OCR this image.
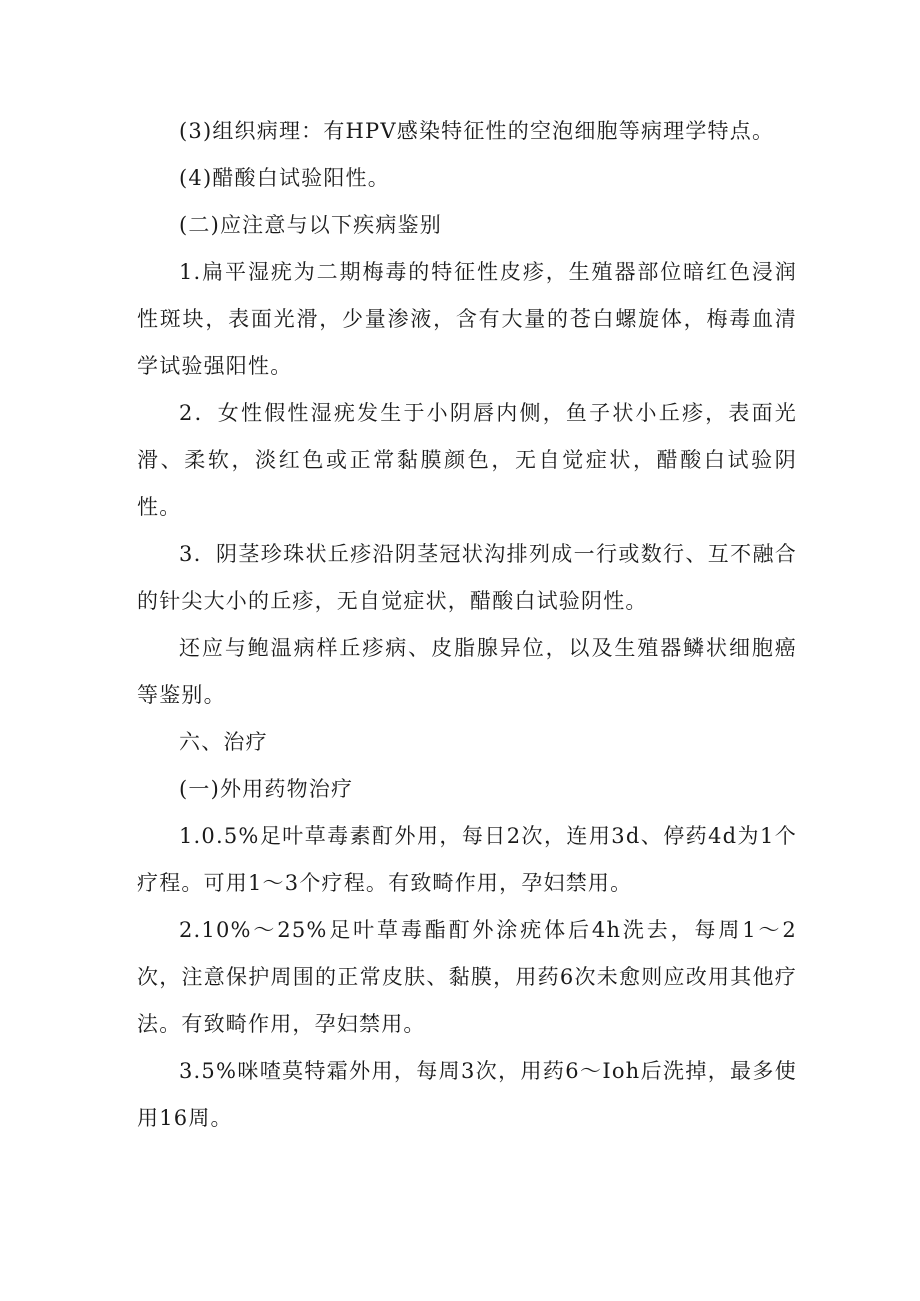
(3)组织病理：有HPV感染特征性的空泡细胞等病理学特点。

(4)醋酸白试验阳性。

(二)应注意与以下疾病鉴别

1.扁平湿疣为二期梅毒的特征性皮疹，生殖器部位暗红色浸润性斑块，表面光滑，少量渗液，含有大量的苍白螺旋体，梅毒血清学试验强阳性。

2．女性假性湿疣发生于小阴唇内侧，鱼子状小丘疹，表面光滑、柔软，淡红色或正常黏膜颜色，无自觉症状，醋酸白试验阴性。

3．阴茎珍珠状丘疹沿阴茎冠状沟排列成一行或数行、互不融合的针尖大小的丘疹，无自觉症状，醋酸白试验阴性。

还应与鲍温病样丘疹病、皮脂腺异位，以及生殖器鳞状细胞癌等鉴别。

六、治疗

(一)外用药物治疗

1.0.5%足叶草毒素酊外用，每日2次，连用3d、停药4d为1个疗程。可用1～3个疗程。有致畸作用，孕妇禁用。

2.10%～25%足叶草毒酯酊外涂疣体后4h洗去，每周1～2次，注意保护周围的正常皮肤、黏膜，用药6次未愈则应改用其他疗法。有致畸作用，孕妇禁用。

3.5%咪喳莫特霜外用，每周3次，用药6～Ioh后洗掉，最多使用16周。
